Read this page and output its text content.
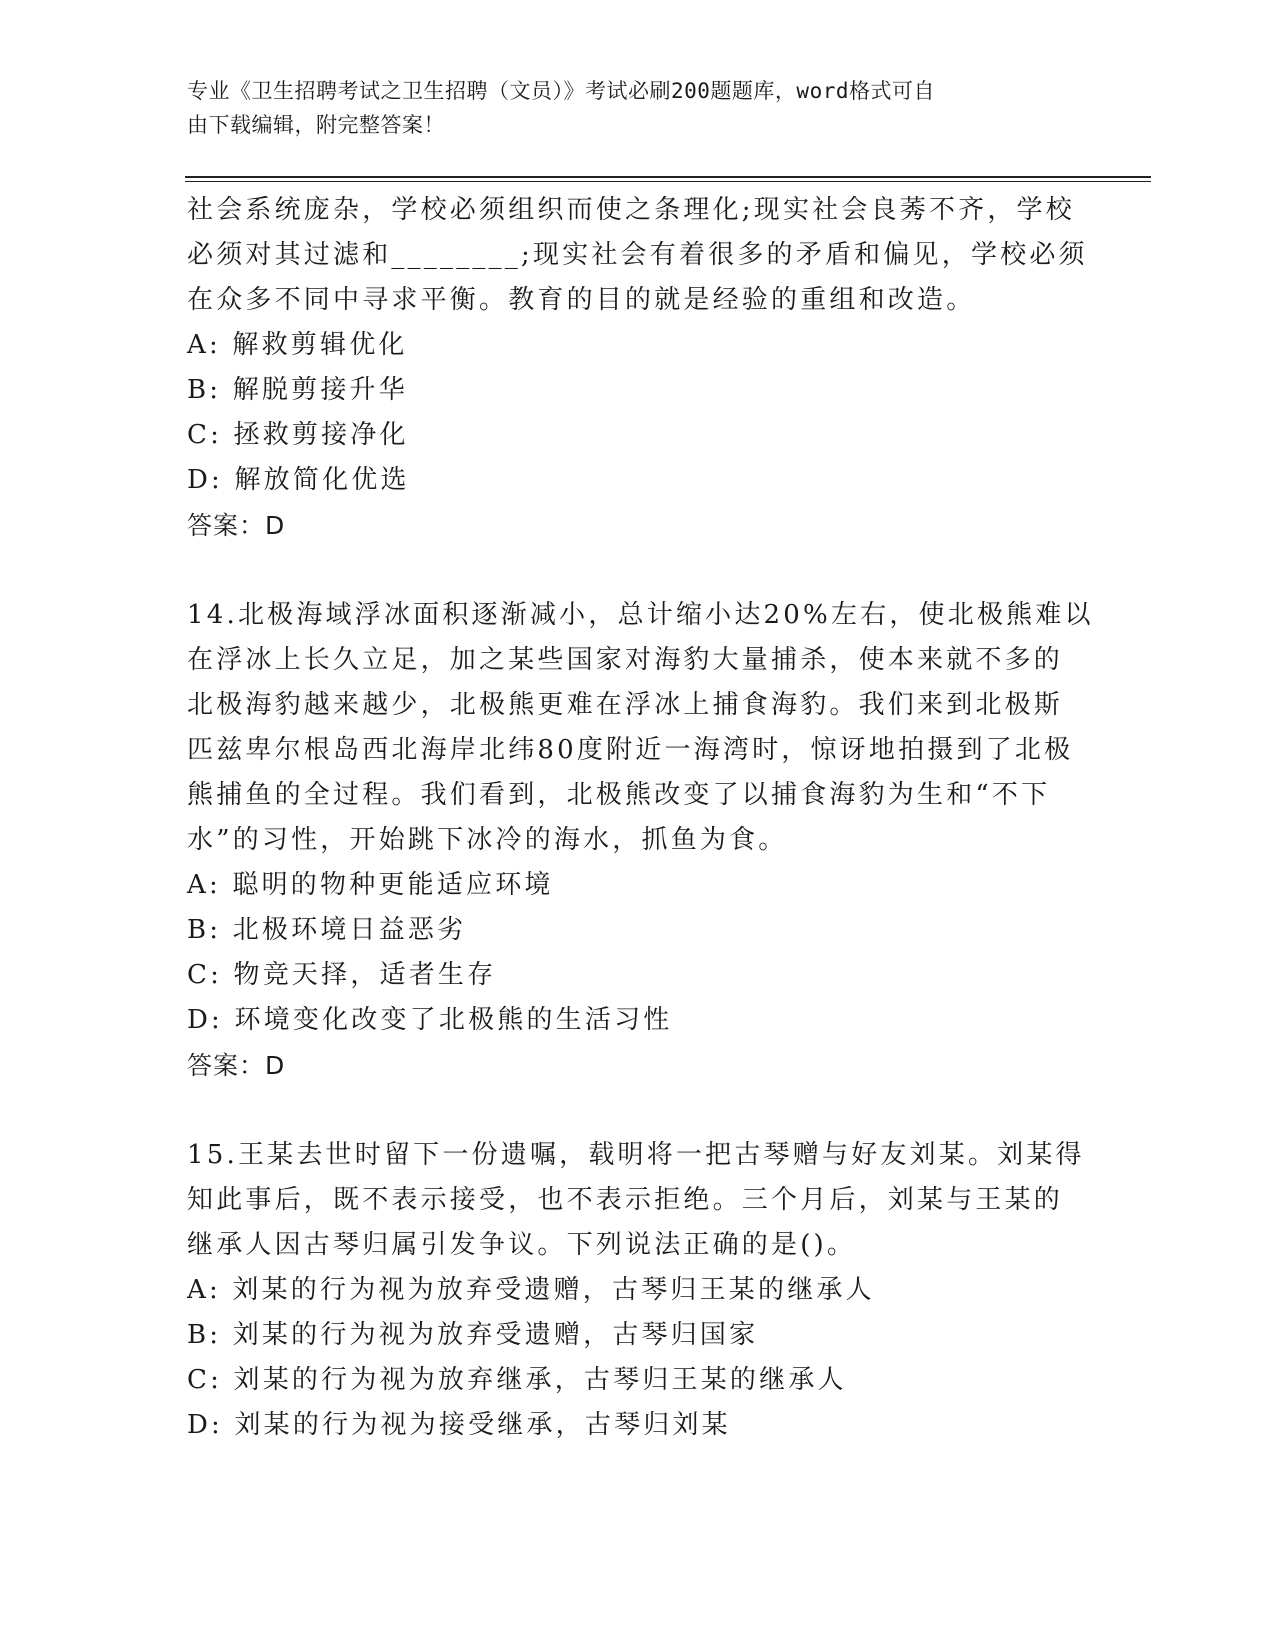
专业《卫生招聘考试之卫生招聘（文员）》考试必刷200题题库，word格式可自
由下载编辑，附完整答案！
社会系统庞杂，学校必须组织而使之条理化;现实社会良莠不齐，学校
必须对其过滤和________;现实社会有着很多的矛盾和偏见，学校必须
在众多不同中寻求平衡。教育的目的就是经验的重组和改造。
A: 解救剪辑优化
B: 解脱剪接升华
C: 拯救剪接净化
D: 解放简化优选
答案：D
14.北极海域浮冰面积逐渐减小，总计缩小达20%左右，使北极熊难以
在浮冰上长久立足，加之某些国家对海豹大量捕杀，使本来就不多的
北极海豹越来越少，北极熊更难在浮冰上捕食海豹。我们来到北极斯
匹兹卑尔根岛西北海岸北纬80度附近一海湾时，惊讶地拍摄到了北极
熊捕鱼的全过程。我们看到，北极熊改变了以捕食海豹为生和“不下
水”的习性，开始跳下冰冷的海水，抓鱼为食。
A: 聪明的物种更能适应环境
B: 北极环境日益恶劣
C: 物竞天择，适者生存
D: 环境变化改变了北极熊的生活习性
答案：D
15.王某去世时留下一份遗嘱，载明将一把古琴赠与好友刘某。刘某得
知此事后，既不表示接受，也不表示拒绝。三个月后，刘某与王某的
继承人因古琴归属引发争议。下列说法正确的是()。
A: 刘某的行为视为放弃受遗赠，古琴归王某的继承人
B: 刘某的行为视为放弃受遗赠，古琴归国家
C: 刘某的行为视为放弃继承，古琴归王某的继承人
D: 刘某的行为视为接受继承，古琴归刘某
